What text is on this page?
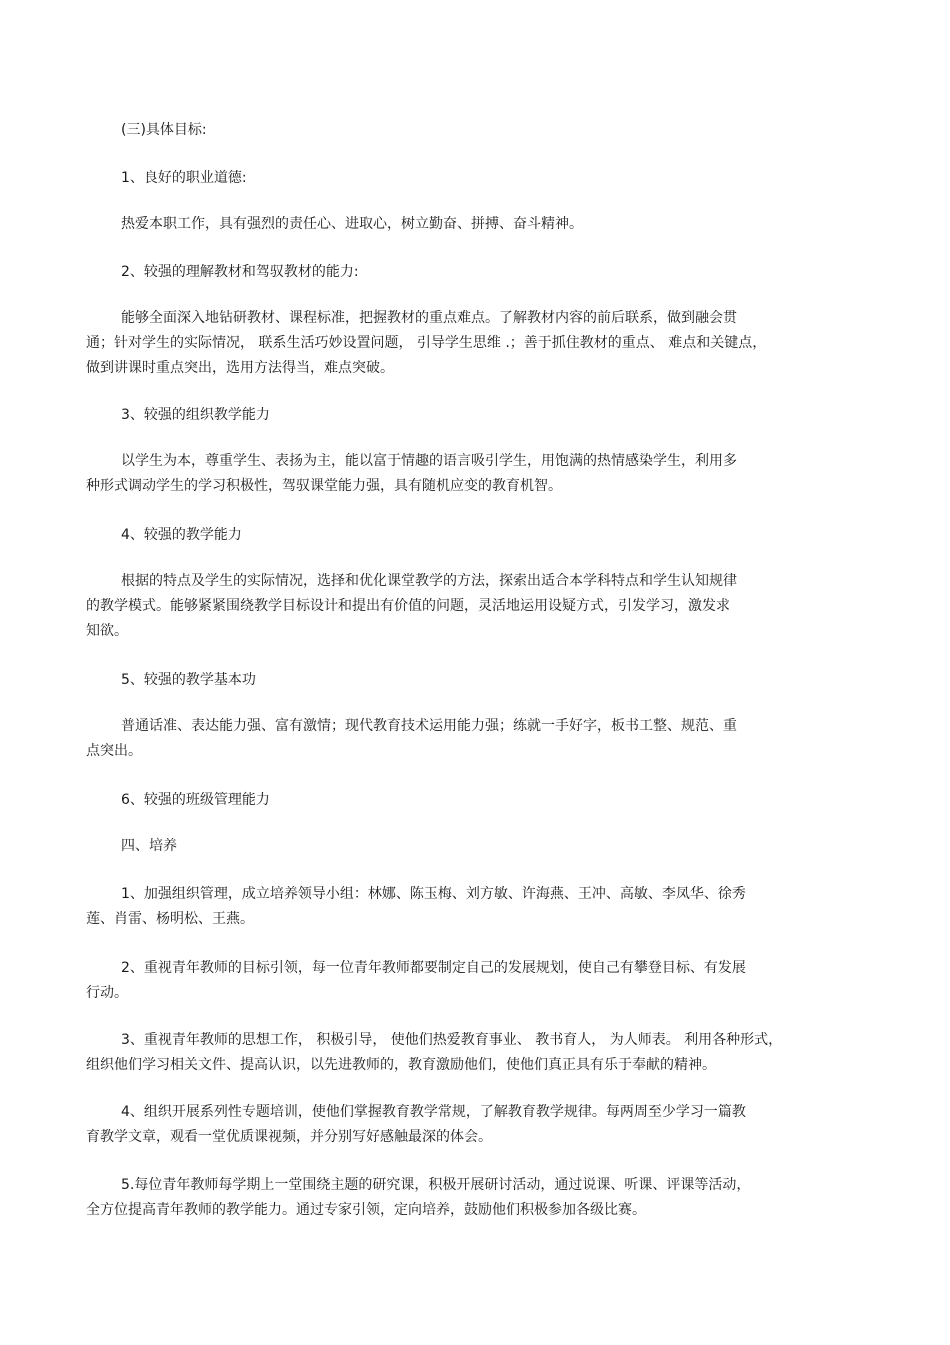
(三)具体目标:
1、良好的职业道德:
热爱本职工作，具有强烈的责任心、进取心，树立勤奋、拼搏、奋斗精神。
2、较强的理解教材和驾驭教材的能力:
能够全面深入地钻研教材、课程标准，把握教材的重点难点。了解教材内容的前后联系，做到融会贯
通；针对学生的实际情况， 联系生活巧妙设置问题， 引导学生思维 .；善于抓住教材的重点、 难点和关键点，
做到讲课时重点突出，选用方法得当，难点突破。
3、较强的组织教学能力
以学生为本，尊重学生、表扬为主，能以富于情趣的语言吸引学生，用饱满的热情感染学生，利用多
种形式调动学生的学习积极性，驾驭课堂能力强，具有随机应变的教育机智。
4、较强的教学能力
根据的特点及学生的实际情况，选择和优化课堂教学的方法，探索出适合本学科特点和学生认知规律
的教学模式。能够紧紧围绕教学目标设计和提出有价值的问题，灵活地运用设疑方式，引发学习，激发求
知欲。
5、较强的教学基本功
普通话准、表达能力强、富有激情；现代教育技术运用能力强；练就一手好字，板书工整、规范、重
点突出。
6、较强的班级管理能力
四、培养
1、加强组织管理，成立培养领导小组：林娜、陈玉梅、刘方敏、许海燕、王冲、高敏、李凤华、徐秀
莲、肖雷、杨明松、王燕。
2、重视青年教师的目标引领，每一位青年教师都要制定自己的发展规划，使自己有攀登目标、有发展
行动。
3、重视青年教师的思想工作， 积极引导， 使他们热爱教育事业、 教书育人， 为人师表。 利用各种形式，
组织他们学习相关文件、提高认识，以先进教师的，教育激励他们，使他们真正具有乐于奉献的精神。
4、组织开展系列性专题培训，使他们掌握教育教学常规，了解教育教学规律。每两周至少学习一篇教
育教学文章，观看一堂优质课视频，并分别写好感触最深的体会。
5.每位青年教师每学期上一堂围绕主题的研究课，积极开展研讨活动，通过说课、听课、评课等活动，
全方位提高青年教师的教学能力。通过专家引领，定向培养，鼓励他们积极参加各级比赛。
